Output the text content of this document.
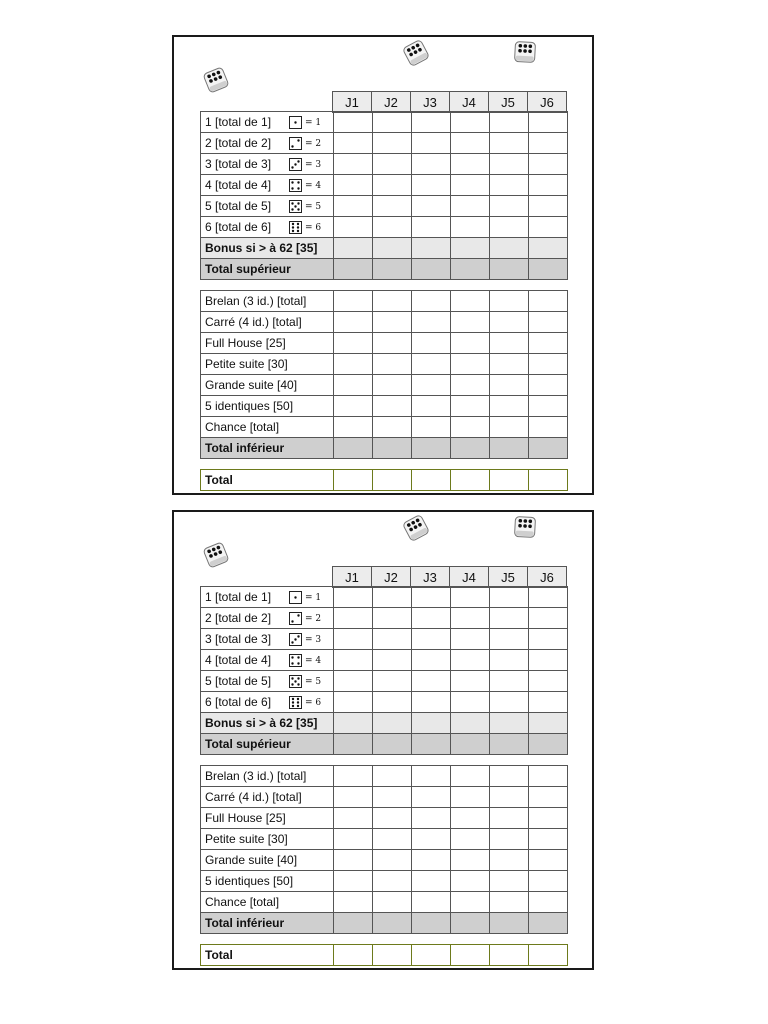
	J1	J2	J3	J4	J5	J6
1 [total de 1] = 1						
2 [total de 2] = 2						
3 [total de 3] = 3						
4 [total de 4] = 4						
5 [total de 5] = 5						
6 [total de 6] = 6						
Bonus si > à 62 [35]						
Total supérieur						
Brelan (3 id.) [total]						
Carré (4 id.) [total]						
Full House [25]						
Petite suite [30]						
Grande suite [40]						
5 identiques [50]						
Chance [total]						
Total inférieur						
Total						
	J1	J2	J3	J4	J5	J6
1 [total de 1] = 1						
2 [total de 2] = 2						
3 [total de 3] = 3						
4 [total de 4] = 4						
5 [total de 5] = 5						
6 [total de 6] = 6						
Bonus si > à 62 [35]						
Total supérieur						
Brelan (3 id.) [total]						
Carré (4 id.) [total]						
Full House [25]						
Petite suite [30]						
Grande suite [40]						
5 identiques [50]						
Chance [total]						
Total inférieur						
Total						
